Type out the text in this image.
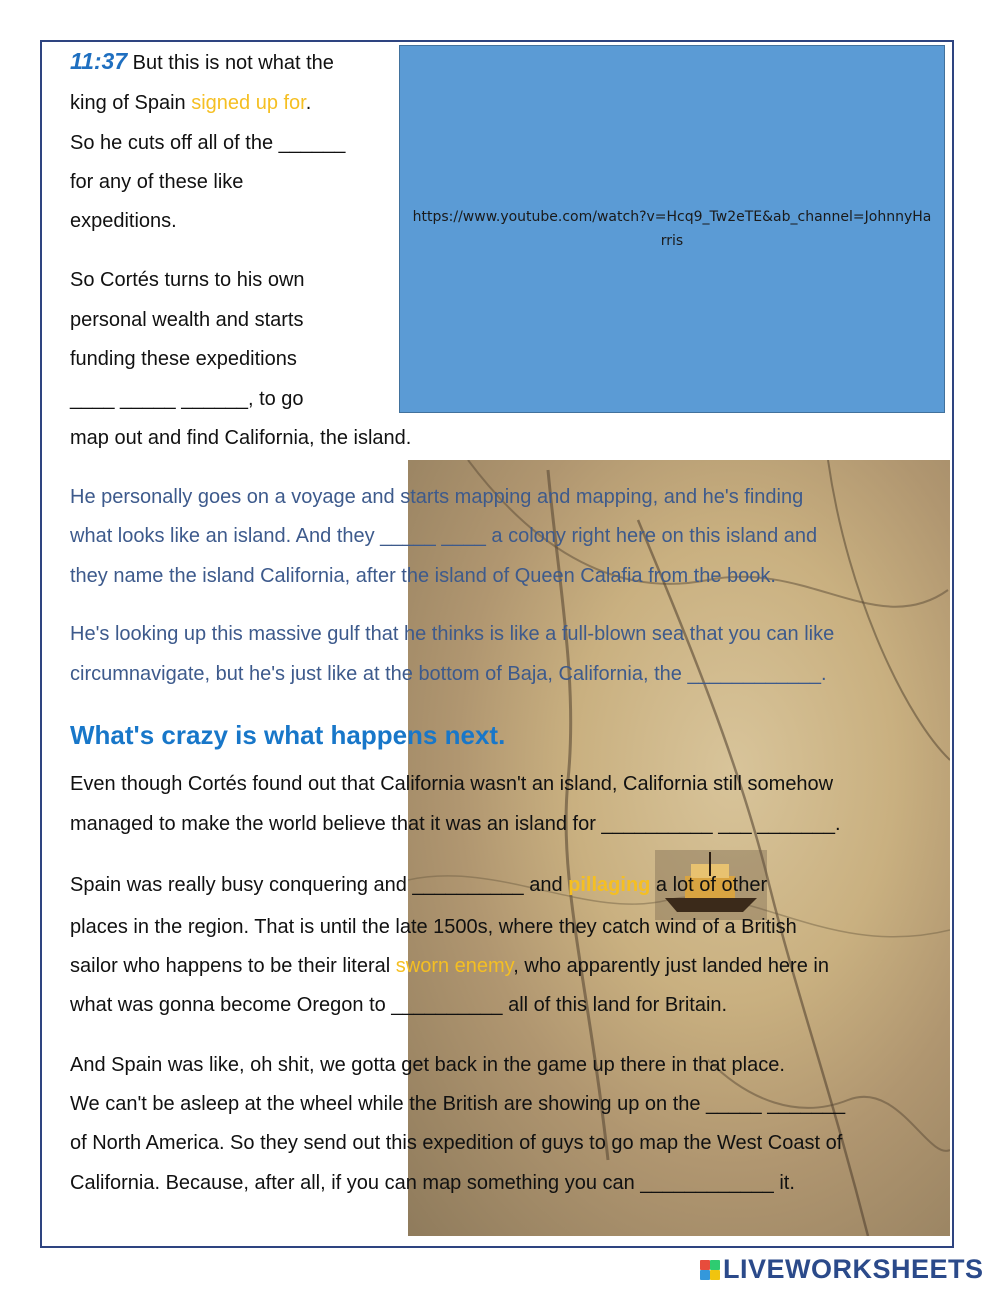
https://www.youtube.com/watch?v=Hcq9_Tw2eTE&ab_channel=JohnnyHarris

11:37 But this is not what the

king of Spain signed up for.

So he cuts off all of the ______

for any of these like

expeditions.

So Cortés turns to his own

personal wealth and starts

funding these expeditions

____ _____ ______, to go

map out and find California, the island.

He personally goes on a voyage and starts mapping and mapping, and he's finding

what looks like an island. And they _____ ____ a colony right here on this island and

they name the island California, after the island of Queen Calafia from the book.

He's looking up this massive gulf that he thinks is like a full-blown sea that you can like

circumnavigate, but he's just like at the bottom of Baja, California, the ____________.

What's crazy is what happens next.

Even though Cortés found out that California wasn't an island, California still somehow

managed to make the world believe that it was an island for __________ ___ _______.

Spain was really busy conquering and __________ and pillaging a lot of other

places in the region. That is until the late 1500s, where they catch wind of a British

sailor who happens to be their literal sworn enemy, who apparently just landed here in

what was gonna become Oregon to __________ all of this land for Britain.

And Spain was like, oh shit, we gotta get back in the game up there in that place.

We can't be asleep at the wheel while the British are showing up on the _____ _______

of North America. So they send out this expedition of guys to go map the West Coast of

California. Because, after all, if you can map something you can ____________ it.

LIVEWORKSHEETS
